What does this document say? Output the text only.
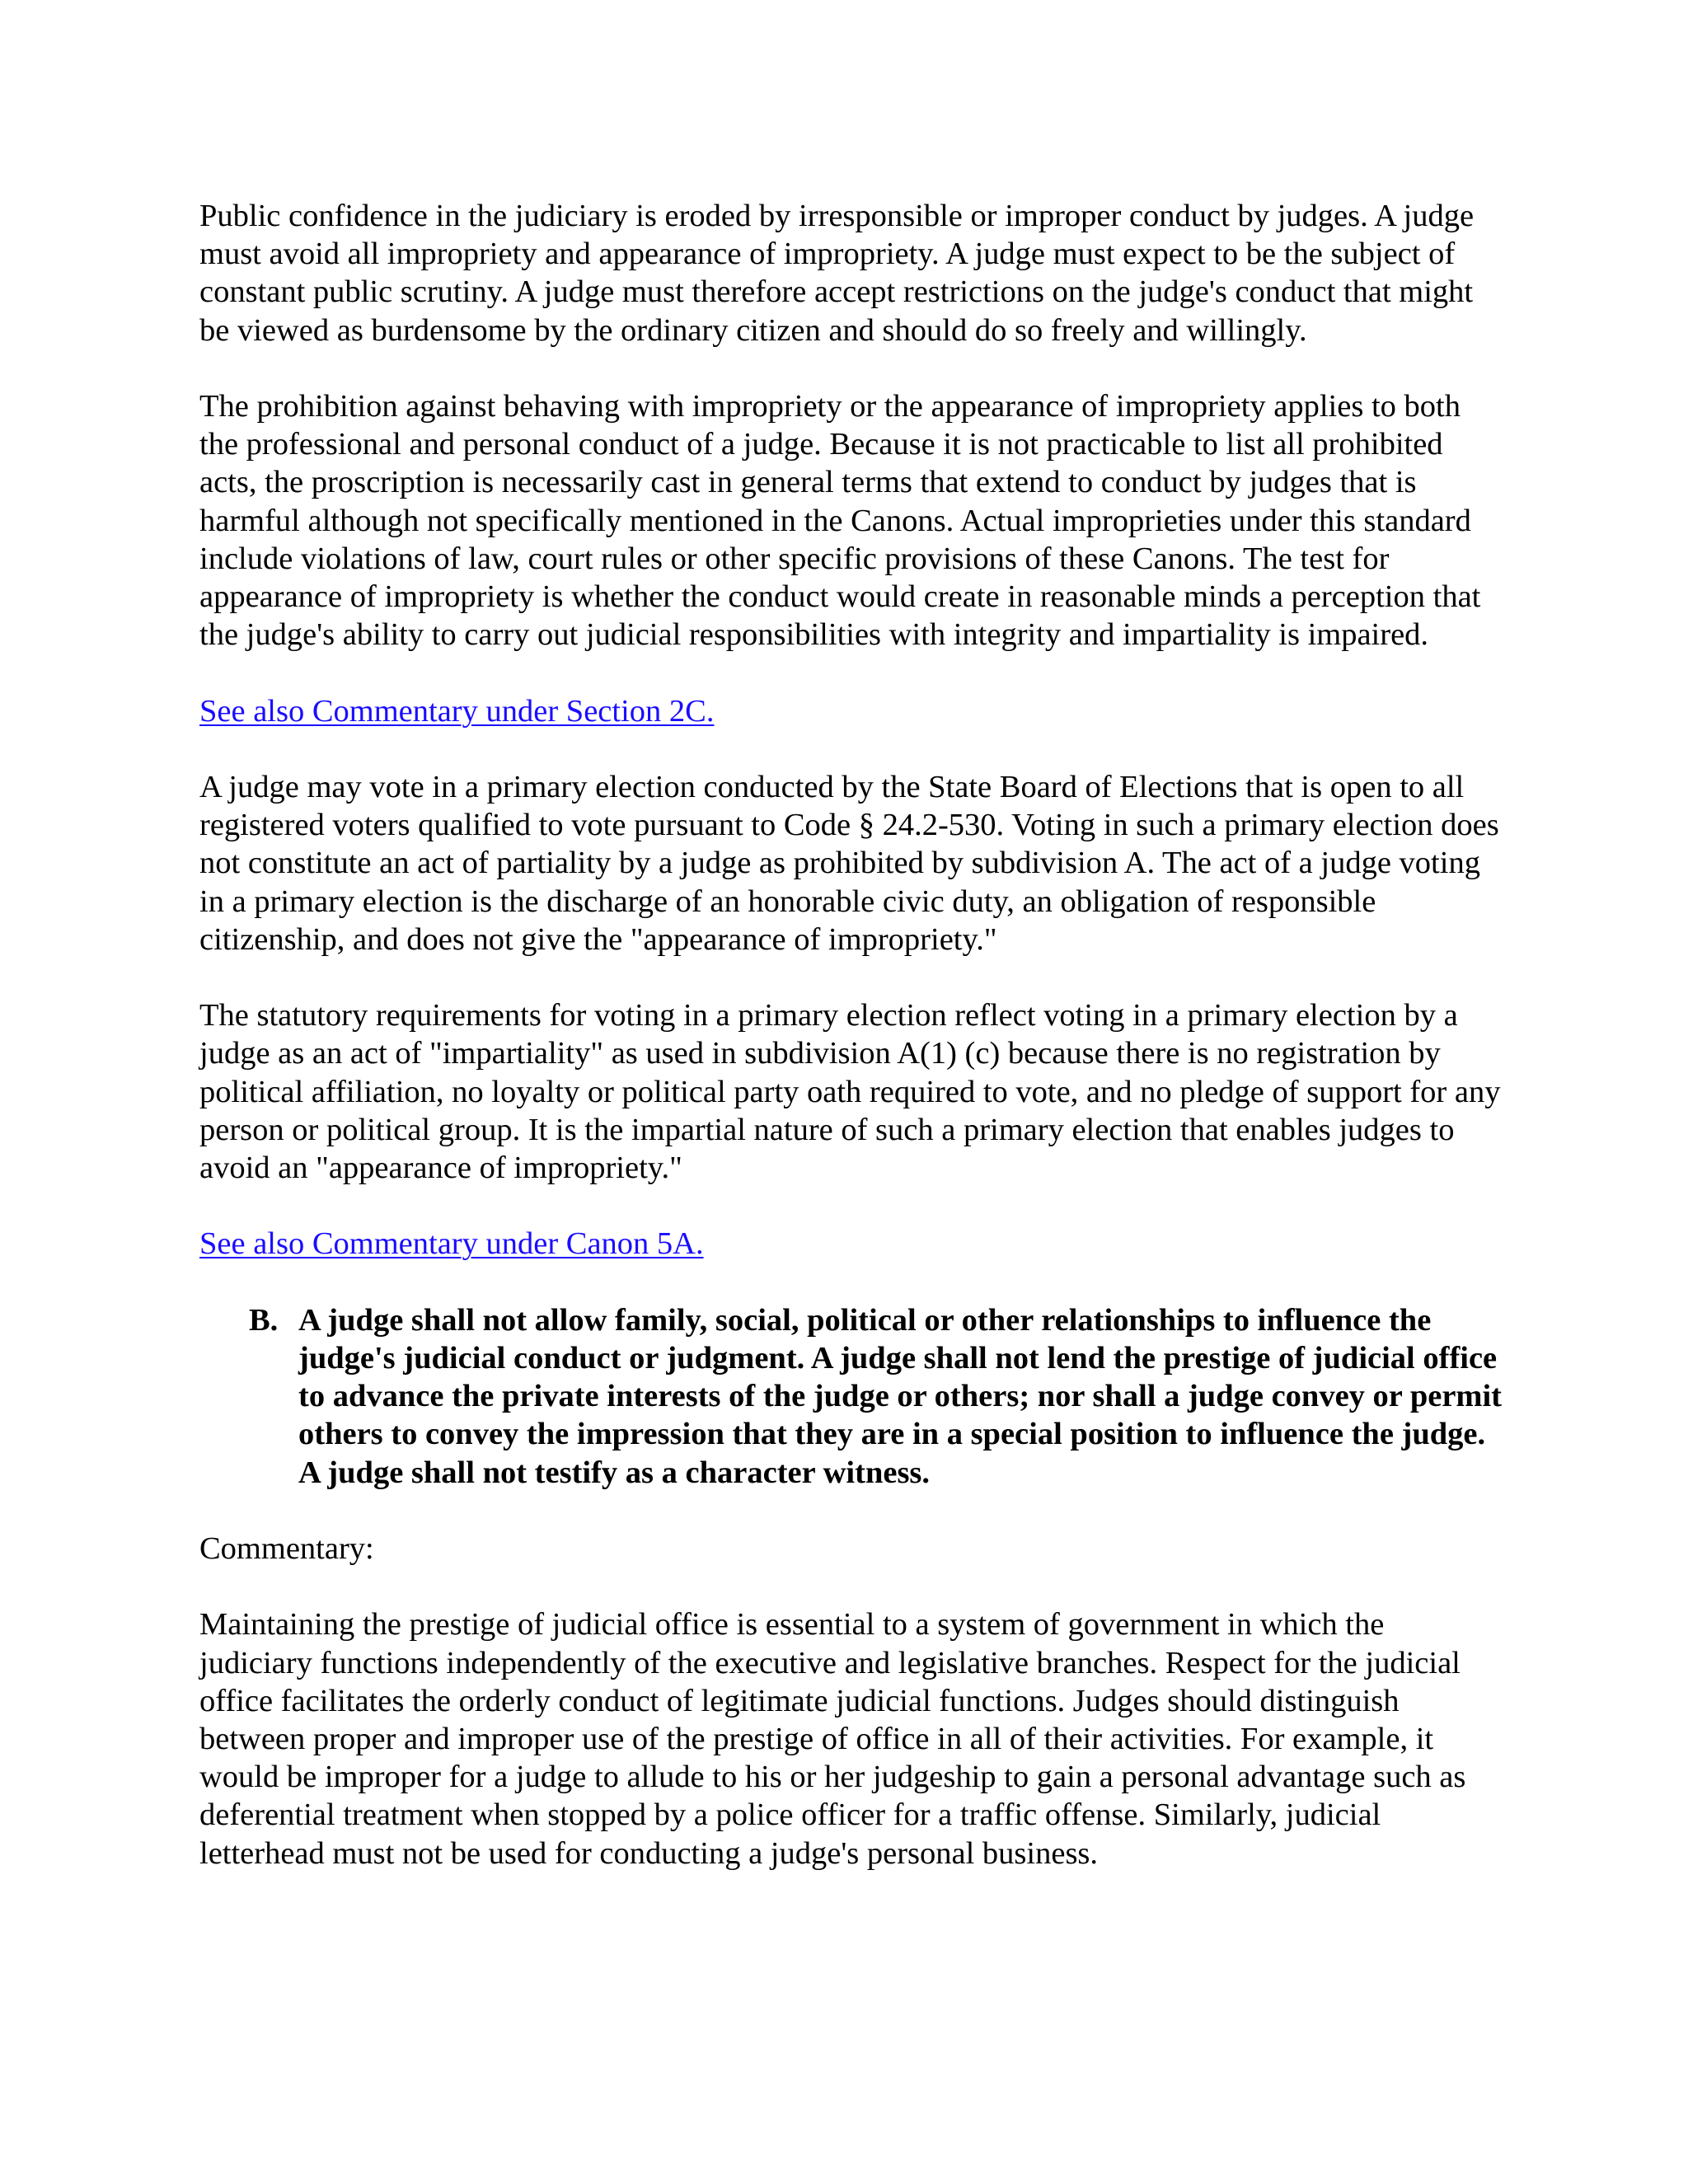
Public confidence in the judiciary is eroded by irresponsible or improper conduct by judges. A judge must avoid all impropriety and appearance of impropriety. A judge must expect to be the subject of constant public scrutiny. A judge must therefore accept restrictions on the judge's conduct that might be viewed as burdensome by the ordinary citizen and should do so freely and willingly.

The prohibition against behaving with impropriety or the appearance of impropriety applies to both the professional and personal conduct of a judge. Because it is not practicable to list all prohibited acts, the proscription is necessarily cast in general terms that extend to conduct by judges that is harmful although not specifically mentioned in the Canons. Actual improprieties under this standard include violations of law, court rules or other specific provisions of these Canons. The test for appearance of impropriety is whether the conduct would create in reasonable minds a perception that the judge's ability to carry out judicial responsibilities with integrity and impartiality is impaired.

See also Commentary under Section 2C.

A judge may vote in a primary election conducted by the State Board of Elections that is open to all registered voters qualified to vote pursuant to Code § 24.2-530. Voting in such a primary election does not constitute an act of partiality by a judge as prohibited by subdivision A. The act of a judge voting in a primary election is the discharge of an honorable civic duty, an obligation of responsible citizenship, and does not give the "appearance of impropriety."

The statutory requirements for voting in a primary election reflect voting in a primary election by a judge as an act of "impartiality" as used in subdivision A(1) (c) because there is no registration by political affiliation, no loyalty or political party oath required to vote, and no pledge of support for any person or political group. It is the impartial nature of such a primary election that enables judges to avoid an "appearance of impropriety."

See also Commentary under Canon 5A.

B. A judge shall not allow family, social, political or other relationships to influence the judge's judicial conduct or judgment. A judge shall not lend the prestige of judicial office to advance the private interests of the judge or others; nor shall a judge convey or permit others to convey the impression that they are in a special position to influence the judge. A judge shall not testify as a character witness.

Commentary:

Maintaining the prestige of judicial office is essential to a system of government in which the judiciary functions independently of the executive and legislative branches. Respect for the judicial office facilitates the orderly conduct of legitimate judicial functions. Judges should distinguish between proper and improper use of the prestige of office in all of their activities. For example, it would be improper for a judge to allude to his or her judgeship to gain a personal advantage such as deferential treatment when stopped by a police officer for a traffic offense. Similarly, judicial letterhead must not be used for conducting a judge's personal business.
